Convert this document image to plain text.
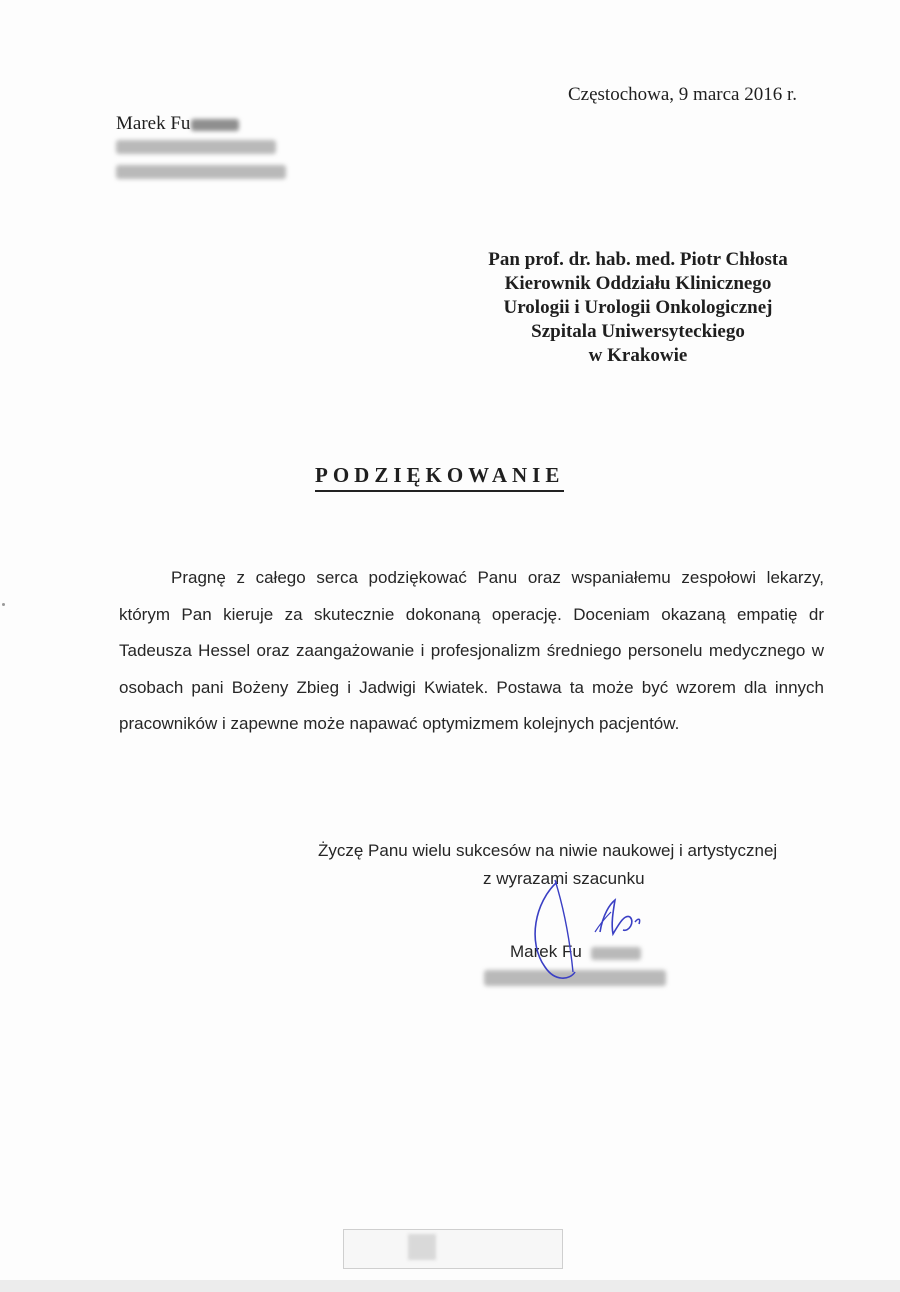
Częstochowa, 9 marca 2016 r.
Marek Fu
Pan prof. dr. hab. med. Piotr Chłosta
Kierownik Oddziału Klinicznego
Urologii i Urologii Onkologicznej
Szpitala Uniwersyteckiego
w Krakowie
PODZIĘKOWANIE
Pragnę z całego serca podziękować Panu oraz wspaniałemu zespołowi lekarzy, którym Pan kieruje za skutecznie dokonaną operację. Doceniam okazaną empatię dr Tadeusza Hessel oraz zaangażowanie i profesjonalizm średniego personelu medycznego w osobach pani Bożeny Zbieg i Jadwigi Kwiatek. Postawa ta może być wzorem dla innych pracowników i zapewne może napawać optymizmem kolejnych pacjentów.
Życzę Panu wielu sukcesów na niwie naukowej i artystycznej
z wyrazami szacunku
Marek Fu
